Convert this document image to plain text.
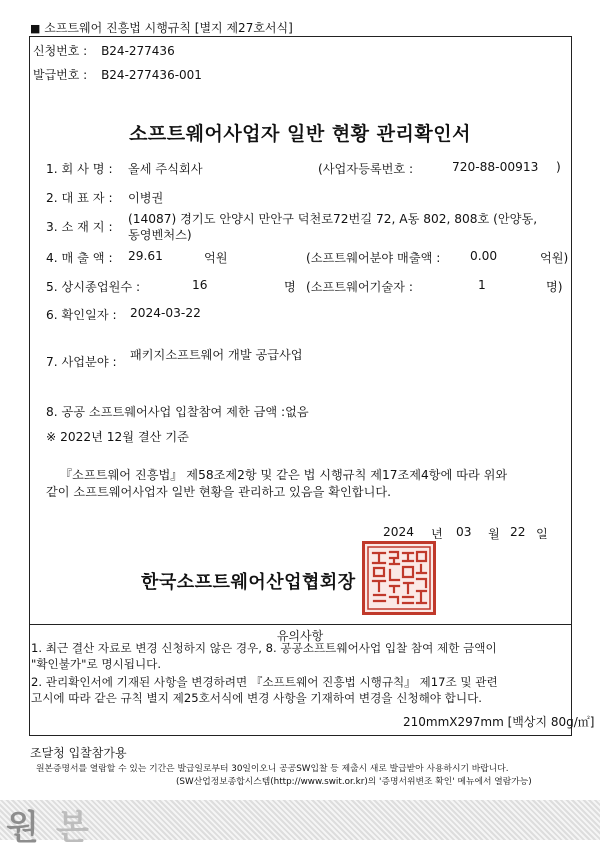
■ 소프트웨어 진흥법 시행규칙 [별지 제27호서식]
신청번호 : B24-277436
발급번호 : B24-277436-001
소프트웨어사업자 일반 현황 관리확인서
1. 회 사 명 : 올세 주식회사	(사업자등록번호 :	720-88-00913 )
2. 대 표 자 : 이병권
3. 소 재 지 :
(14087) 경기도 안양시 만안구 덕천로72번길 72, A동 802, 808호 (안양동,
동영벤처스)
4. 매 출 액 : 29.61	억원	(소프트웨어분야 매출액 : 0.00	억원)
5. 상시종업원수 :	16	명 (소프트웨어기술자 :	1	명)
6. 확인일자 : 2024-03-22
7. 사업분야 : 패키지소프트웨어 개발 공급사업
8. 공공 소프트웨어사업 입찰참여 제한 금액 :없음
※ 2022년 12월 결산 기준
『소프트웨어 진흥법』 제58조제2항 및 같은 법 시행규칙 제17조제4항에 따라 위와
같이 소프트웨어사업자 일반 현황을 관리하고 있음을 확인합니다.
2024 년 03 월 22 일
한국소프트웨어산업협회장
유의사항
1. 최근 결산 자료로 변경 신청하지 않은 경우, 8. 공공소프트웨어사업 입찰 참여 제한 금액이
"확인불가"로 명시됩니다.
2. 관리확인서에 기재된 사항을 변경하려면 『소프트웨어 진흥법 시행규칙』 제17조 및 관련
고시에 따라 같은 규칙 별지 제25호서식에 변경 사항을 기재하여 변경을 신청해야 합니다.
210mmX297mm [백상지 80g/㎡]
조달청 입찰참가용
원본증명서를 열람할 수 있는 기간은 발급일로부터 30일이오니 공공SW입찰 등 제출시 새로 발급받아 사용하시기 바랍니다.
(SW산업정보종합시스템(http://www.swit.or.kr)의 '증명서위변조 확인' 메뉴에서 열람가능)
원 본
